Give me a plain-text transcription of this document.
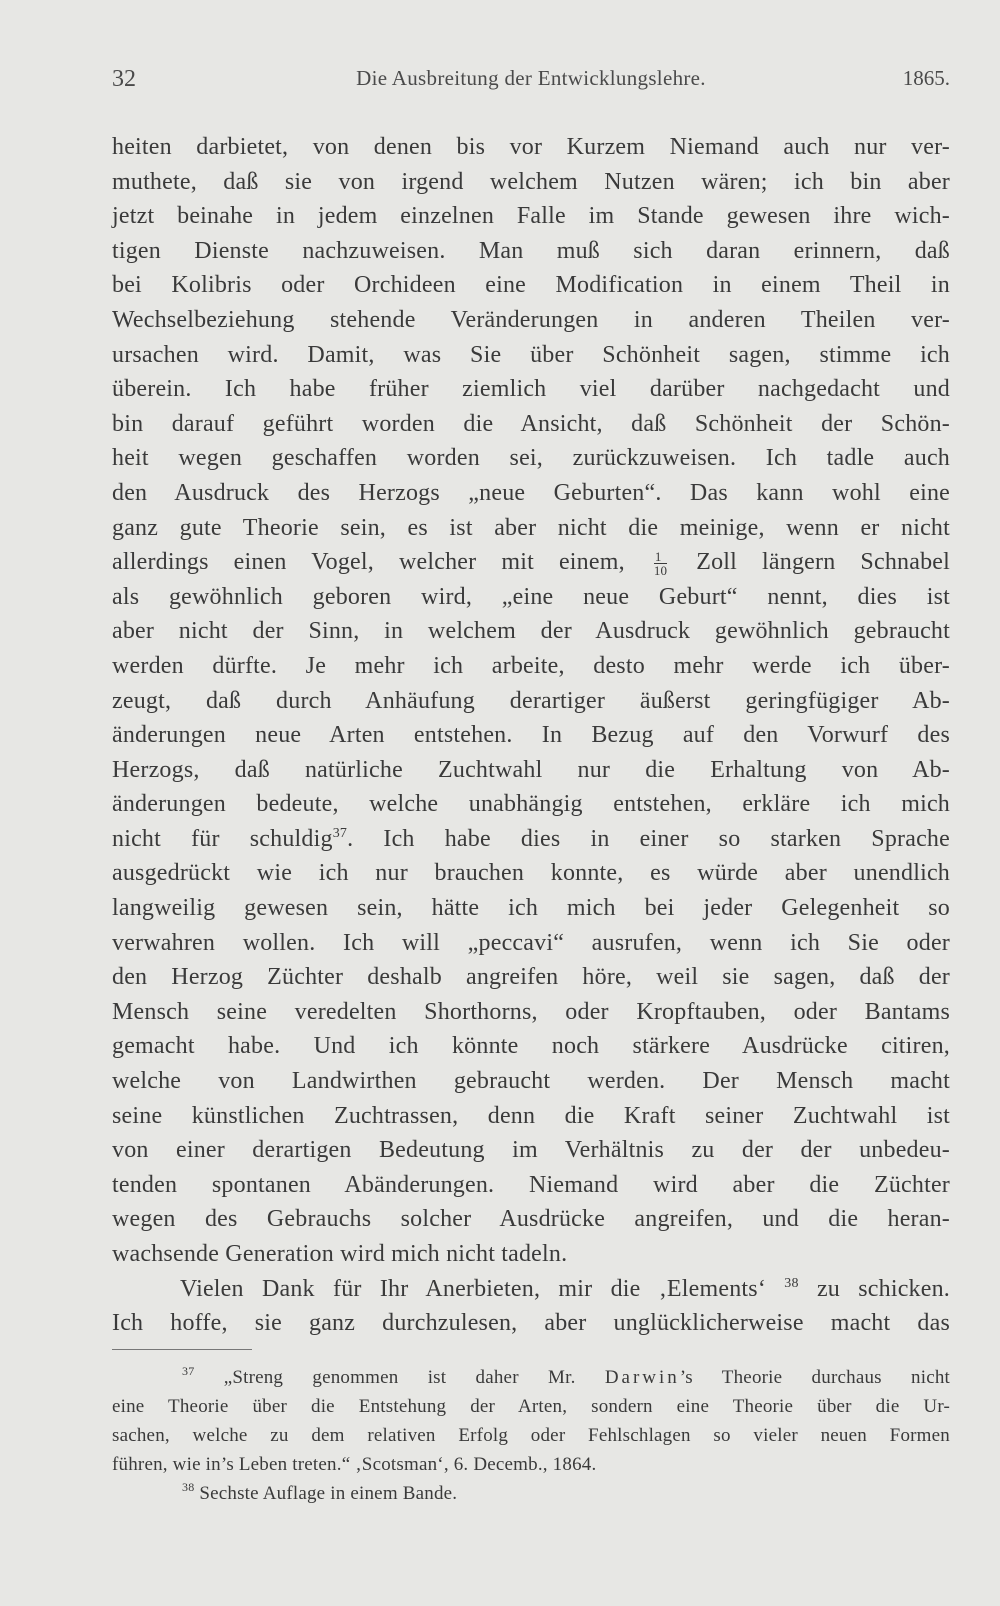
32	Die Ausbreitung der Entwicklungslehre.	1865.
heiten darbietet, von denen bis vor Kurzem Niemand auch nur ver-
muthete, daß sie von irgend welchem Nutzen wären; ich bin aber
jetzt beinahe in jedem einzelnen Falle im Stande gewesen ihre wich-
tigen Dienste nachzuweisen. Man muß sich daran erinnern, daß
bei Kolibris oder Orchideen eine Modification in einem Theil in
Wechselbeziehung stehende Veränderungen in anderen Theilen ver-
ursachen wird. Damit, was Sie über Schönheit sagen, stimme ich
überein. Ich habe früher ziemlich viel darüber nachgedacht und
bin darauf geführt worden die Ansicht, daß Schönheit der Schön-
heit wegen geschaffen worden sei, zurückzuweisen. Ich tadle auch
den Ausdruck des Herzogs „neue Geburten“. Das kann wohl eine
ganz gute Theorie sein, es ist aber nicht die meinige, wenn er nicht
allerdings einen Vogel, welcher mit einem, $\frac{1}{10}$ Zoll längern Schnabel
als gewöhnlich geboren wird, „eine neue Geburt“ nennt, dies ist
aber nicht der Sinn, in welchem der Ausdruck gewöhnlich gebraucht
werden dürfte. Je mehr ich arbeite, desto mehr werde ich über-
zeugt, daß durch Anhäufung derartiger äußerst geringfügiger Ab-
änderungen neue Arten entstehen. In Bezug auf den Vorwurf des
Herzogs, daß natürliche Zuchtwahl nur die Erhaltung von Ab-
änderungen bedeute, welche unabhängig entstehen, erkläre ich mich
nicht für schuldig$^{37}$. Ich habe dies in einer so starken Sprache
ausgedrückt wie ich nur brauchen konnte, es würde aber unendlich
langweilig gewesen sein, hätte ich mich bei jeder Gelegenheit so
verwahren wollen. Ich will „peccavi“ ausrufen, wenn ich Sie oder
den Herzog Züchter deshalb angreifen höre, weil sie sagen, daß der
Mensch seine veredelten Shorthorns, oder Kropftauben, oder Bantams
gemacht habe. Und ich könnte noch stärkere Ausdrücke citiren,
welche von Landwirthen gebraucht werden. Der Mensch macht
seine künstlichen Zuchtrassen, denn die Kraft seiner Zuchtwahl ist
von einer derartigen Bedeutung im Verhältnis zu der der unbedeu-
tenden spontanen Abänderungen. Niemand wird aber die Züchter
wegen des Gebrauchs solcher Ausdrücke angreifen, und die heran-
wachsende Generation wird mich nicht tadeln.
Vielen Dank für Ihr Anerbieten, mir die ‚Elements‘ $^{38}$ zu schicken.
Ich hoffe, sie ganz durchzulesen, aber unglücklicherweise macht das
$^{37}$ „Streng genommen ist daher Mr. Darwin’s Theorie durchaus nicht
eine Theorie über die Entstehung der Arten, sondern eine Theorie über die Ur-
sachen, welche zu dem relativen Erfolg oder Fehlschlagen so vieler neuen Formen
führen, wie in’s Leben treten.“ ‚Scotsman‘, 6. Decemb., 1864.
$^{38}$ Sechste Auflage in einem Bande.
